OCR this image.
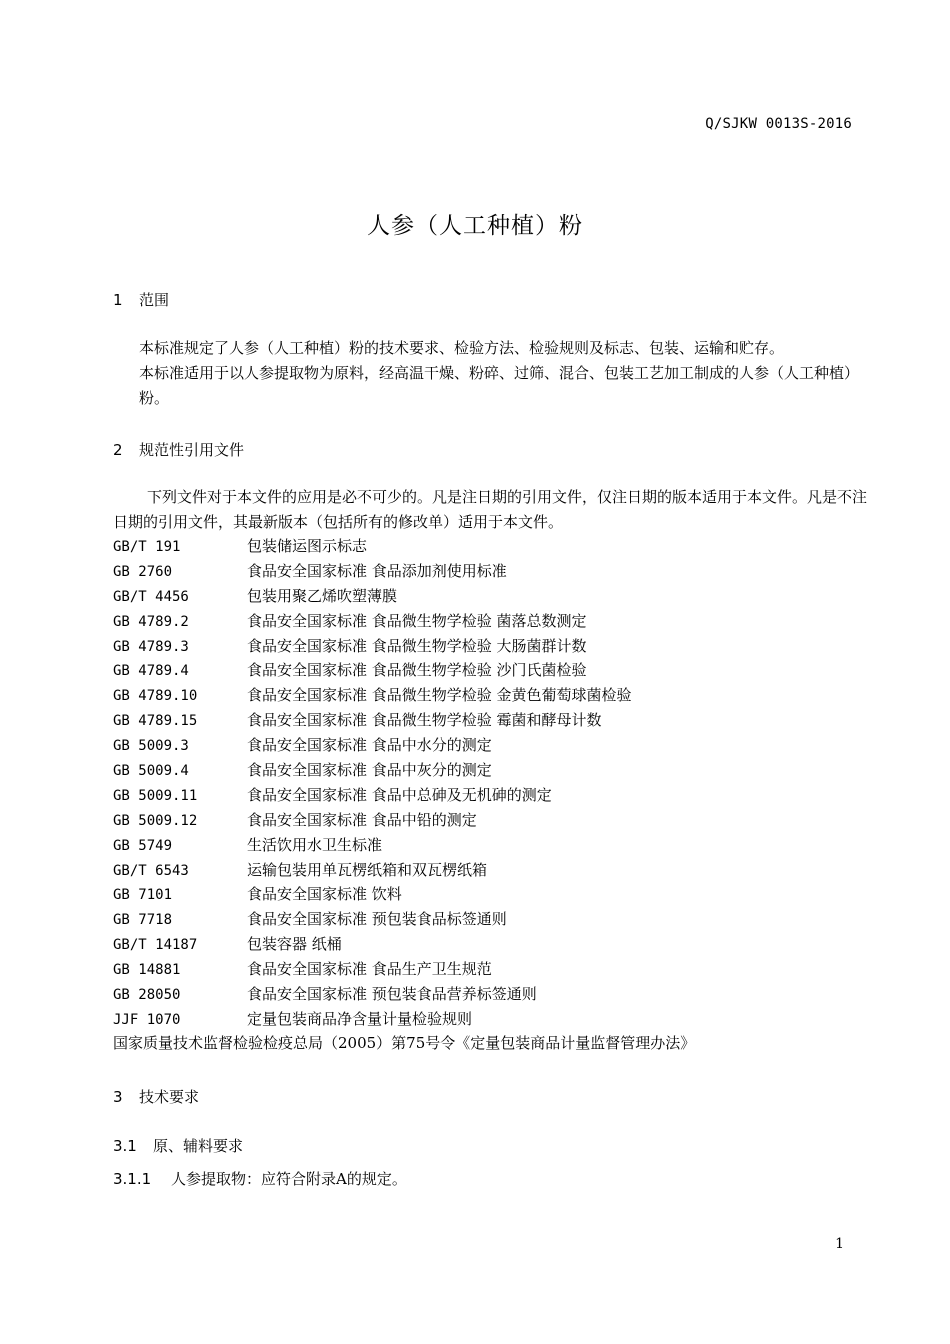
Q/SJKW 0013S-2016
人参（人工种植）粉
1 范围
本标准规定了人参（人工种植）粉的技术要求、检验方法、检验规则及标志、包装、运输和贮存。
本标准适用于以人参提取物为原料，经高温干燥、粉碎、过筛、混合、包装工艺加工制成的人参（人工种植）粉。
2 规范性引用文件
下列文件对于本文件的应用是必不可少的。凡是注日期的引用文件，仅注日期的版本适用于本文件。凡是不注日期的引用文件，其最新版本（包括所有的修改单）适用于本文件。
GB/T 191	包装储运图示标志
GB 2760	食品安全国家标准 食品添加剂使用标准
GB/T 4456	包装用聚乙烯吹塑薄膜
GB 4789.2	食品安全国家标准 食品微生物学检验 菌落总数测定
GB 4789.3	食品安全国家标准 食品微生物学检验 大肠菌群计数
GB 4789.4	食品安全国家标准 食品微生物学检验 沙门氏菌检验
GB 4789.10	食品安全国家标准 食品微生物学检验 金黄色葡萄球菌检验
GB 4789.15	食品安全国家标准 食品微生物学检验 霉菌和酵母计数
GB 5009.3	食品安全国家标准 食品中水分的测定
GB 5009.4	食品安全国家标准 食品中灰分的测定
GB 5009.11	食品安全国家标准 食品中总砷及无机砷的测定
GB 5009.12	食品安全国家标准 食品中铅的测定
GB 5749	生活饮用水卫生标准
GB/T 6543	运输包装用单瓦楞纸箱和双瓦楞纸箱
GB 7101	食品安全国家标准 饮料
GB 7718	食品安全国家标准 预包装食品标签通则
GB/T 14187	包装容器 纸桶
GB 14881	食品安全国家标准 食品生产卫生规范
GB 28050	食品安全国家标准 预包装食品营养标签通则
JJF 1070	定量包装商品净含量计量检验规则
国家质量技术监督检验检疫总局（2005）第75号令《定量包装商品计量监督管理办法》
3 技术要求
3.1 原、辅料要求
3.1.1 人参提取物：应符合附录A的规定。
1
